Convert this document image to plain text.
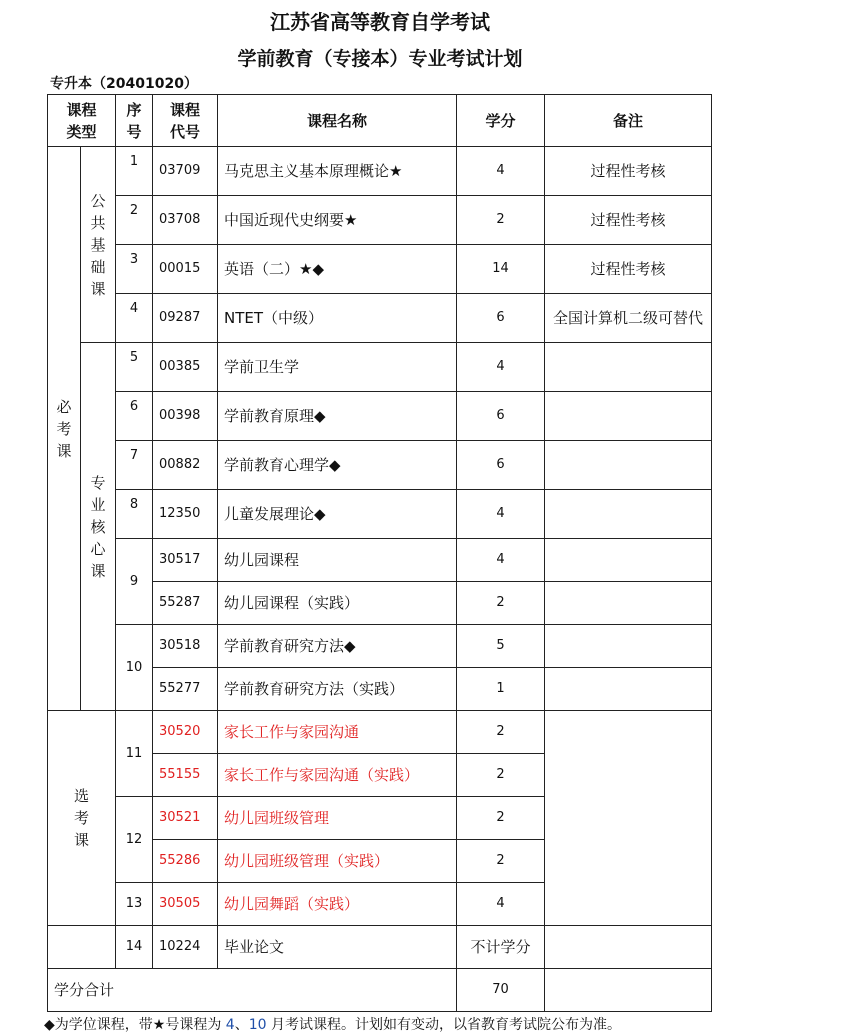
江苏省高等教育自学考试
学前教育（专接本）专业考试计划
专升本（20401020）
课程类型		序号	课程代号	课程名称	学分	备注
必考课	公共基础课	1	03709	马克思主义基本原理概论★	4	过程性考核
		2	03708	中国近现代史纲要★	2	过程性考核
		3	00015	英语（二）★◆	14	过程性考核
		4	09287	NTET（中级）	6	全国计算机二级可替代
	专业核心课	5	00385	学前卫生学	4	
		6	00398	学前教育原理◆	6	
		7	00882	学前教育心理学◆	6	
		8	12350	儿童发展理论◆	4	
		9	30517	幼儿园课程	4	
			55287	幼儿园课程（实践）	2	
		10	30518	学前教育研究方法◆	5	
			55277	学前教育研究方法（实践）	1	
选考课		11	30520	家长工作与家园沟通	2	
			55155	家长工作与家园沟通（实践）	2	
		12	30521	幼儿园班级管理	2	
			55286	幼儿园班级管理（实践）	2	
		13	30505	幼儿园舞蹈（实践）	4	
		14	10224	毕业论文	不计学分	
学分合计					70	
◆为学位课程，带★号课程为 4、10 月考试课程。计划如有变动，以省教育考试院公布为准。
